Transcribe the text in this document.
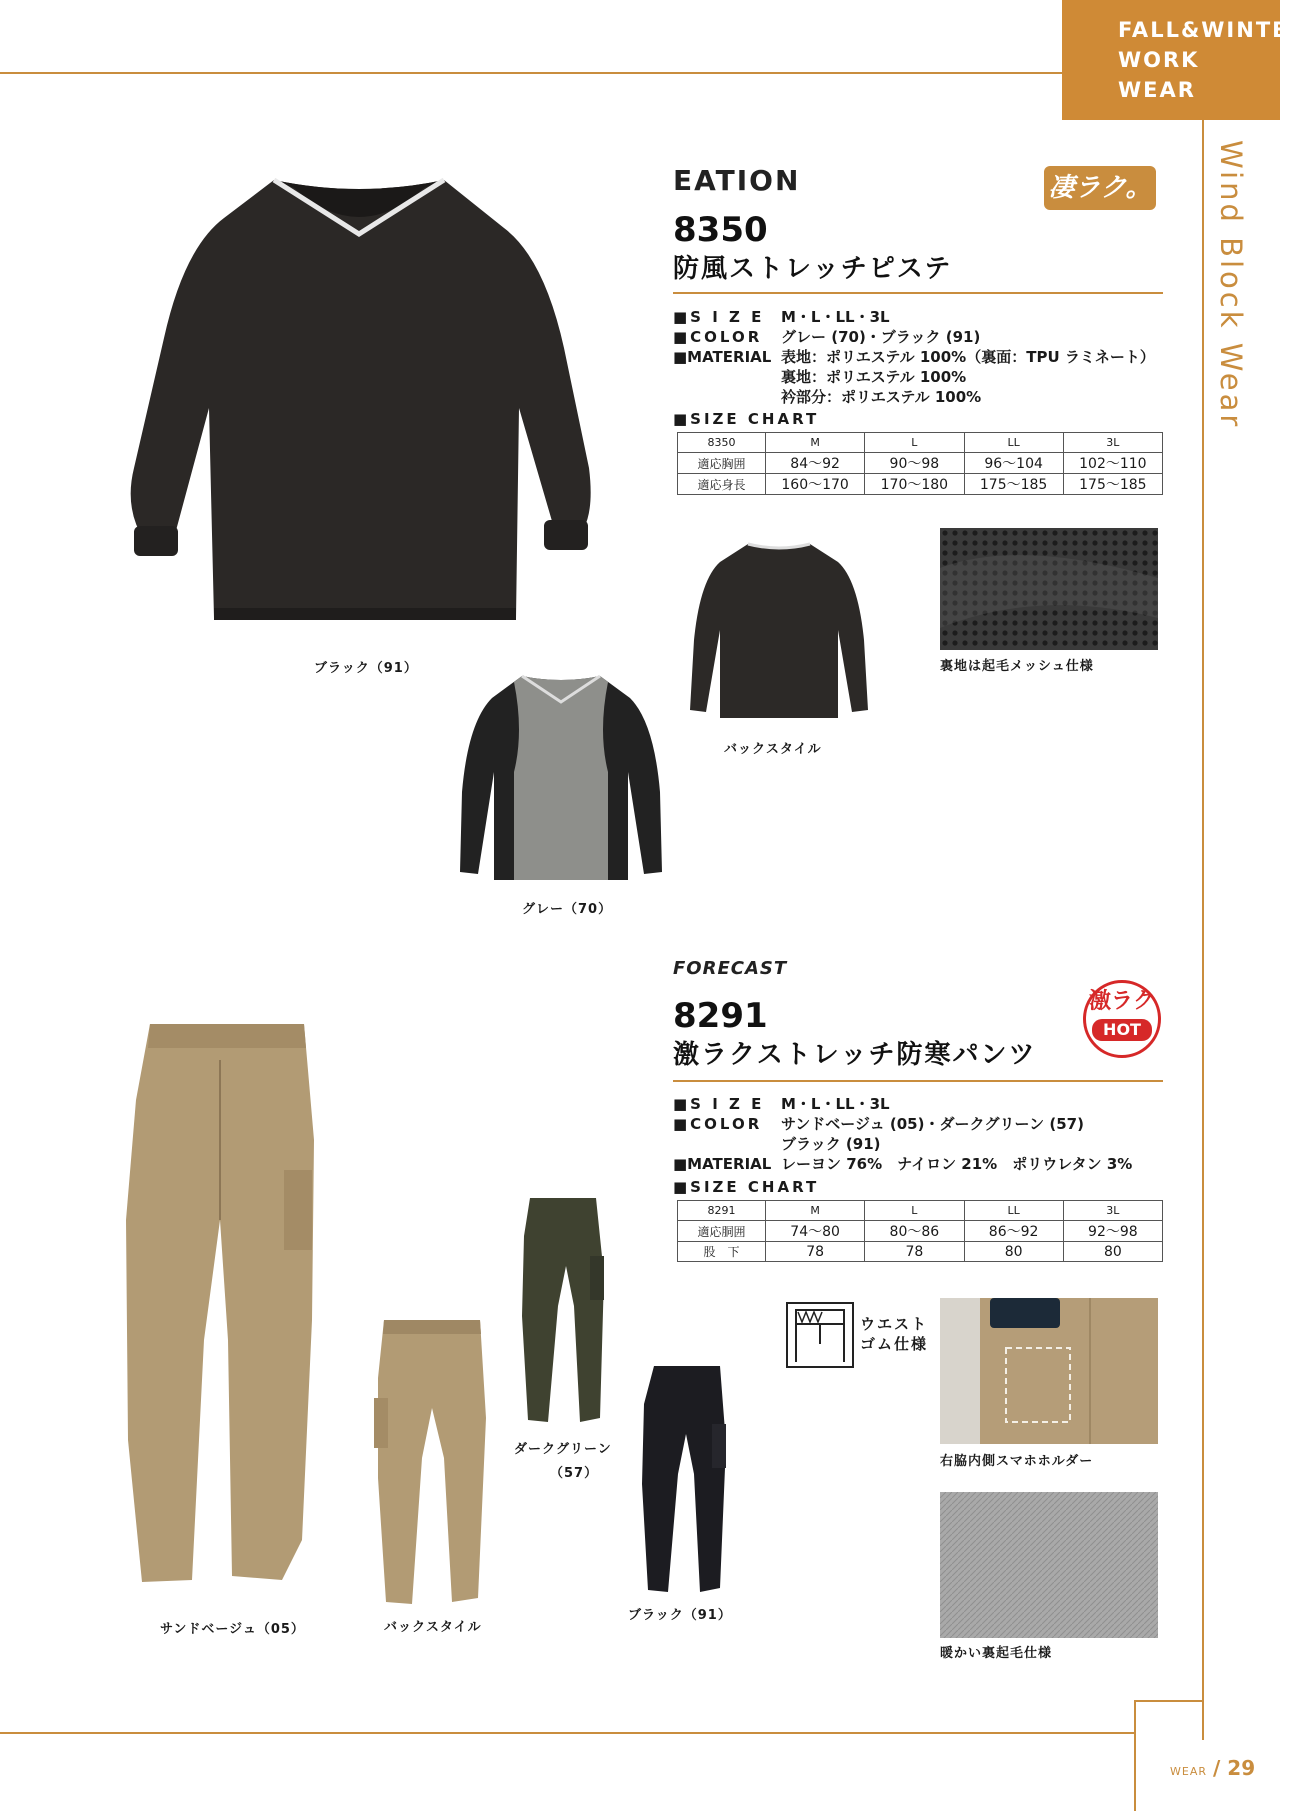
FALL&WINTER
WORK WEAR
Wind Block Wear
ブラック（91）
EATION	凄ラク。
8350
防風ストレッチピステ
■S I Z E M・L・LL・3L
■COLOR グレー (70)・ブラック (91)
■MATERIAL 表地：ポリエステル 100%（裏面：TPU ラミネート）
裏地：ポリエステル 100%
衿部分：ポリエステル 100%
■SIZE CHART
8350	M	L	LL	3L
適応胸囲	84～92	90～98	96～104	102～110
適応身長	160～170	170～180	175～185	175～185
バックスタイル
裏地は起毛メッシュ仕様
グレー（70）
FORECAST
激ラク
HOT
8291
激ラクストレッチ防寒パンツ
■S I Z E M・L・LL・3L
■COLOR サンドベージュ (05)・ダークグリーン (57)
ブラック (91)
■MATERIAL レーヨン 76%　ナイロン 21%　ポリウレタン 3%
■SIZE CHART
8291	M	L	LL	3L
適応胴囲	74～80	80～86	86～92	92～98
股　下	78	78	80	80
ウエスト
ゴム仕様
右脇内側スマホホルダー
サンドベージュ（05）	バックスタイル
ダークグリーン
（57）
ブラック（91）
暖かい裏起毛仕様
WEAR / 29
